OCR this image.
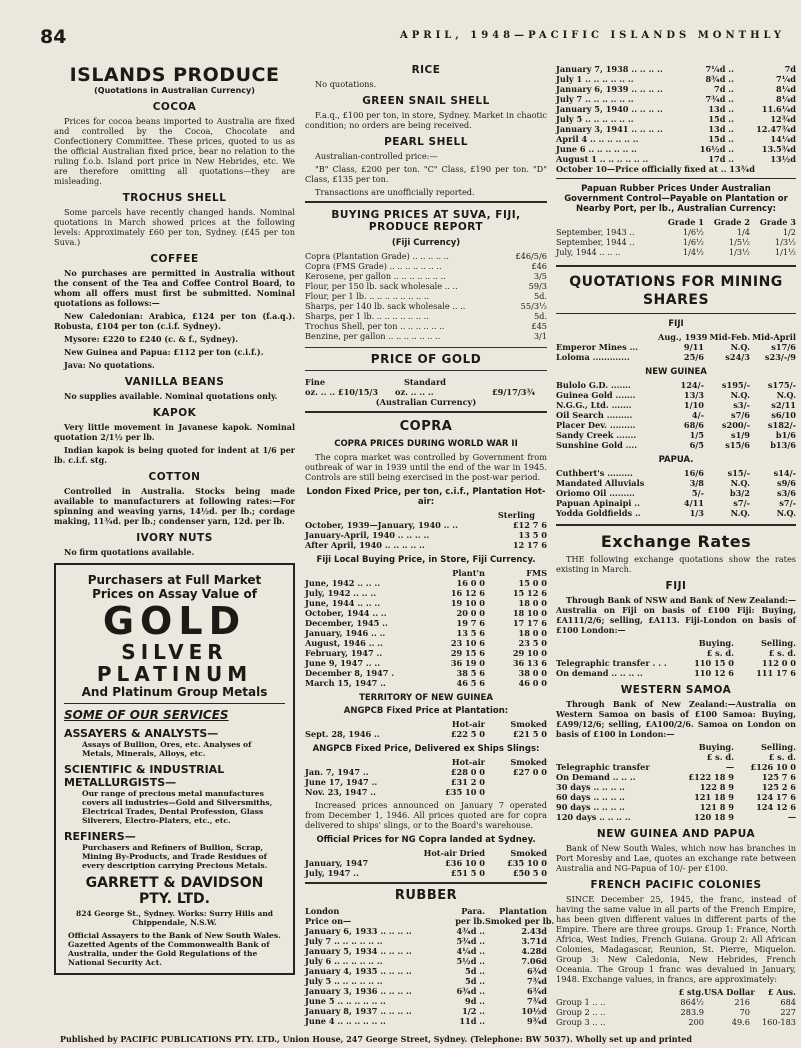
84	APRIL, 1948—PACIFIC ISLANDS MONTHLY
ISLANDS PRODUCE
(Quotations in Australian Currency)
COCOA
Prices for cocoa beans imported to Australia are fixed and controlled by the Cocoa, Chocolate and Confectionery Committee. These prices, quoted to us as the official Australian fixed price, bear no relation to the ruling f.o.b. Island port price in New Hebrides, etc. We are therefore omitting all quotations—they are misleading.
TROCHUS SHELL
Some parcels have recently changed hands. Nominal quotations in March showed prices at the following levels: Approximately £60 per ton, Sydney. (£45 per ton Suva.)
COFFEE
No purchases are permitted in Australia without the consent of the Tea and Coffee Control Board, to whom all offers must first be submitted. Nominal quotations as follows:—
New Caledonian: Arabica, £124 per ton (f.a.q.). Robusta, £104 per ton (c.i.f. Sydney).
Mysore: £220 to £240 (c. & f., Sydney).
New Guinea and Papua: £112 per ton (c.i.f.).
Java: No quotations.
VANILLA BEANS
No supplies available. Nominal quotations only.
KAPOK
Very little movement in Javanese kapok. Nominal quotation 2/1½ per lb.
Indian kapok is being quoted for indent at 1/6 per lb. c.i.f. stg.
COTTON
Controlled in Australia. Stocks being made available to manufacturers at following rates:—For spinning and weaving yarns, 14½d. per lb.; cordage making, 11¾d. per lb.; condenser yarn, 12d. per lb.
IVORY NUTS
No firm quotations available.
Purchasers at Full Market
Prices on Assay Value of
GOLD
SILVER
PLATINUM
And Platinum Group Metals
SOME OF OUR SERVICES
ASSAYERS & ANALYSTS—
Assays of Bullion, Ores, etc. Analyses of Metals, Minerals, Alloys, etc.
SCIENTIFIC & INDUSTRIAL METALLURGISTS—
Our range of precious metal manufactures covers all industries—Gold and Silversmiths, Electrical Trades, Dental Profession, Glass Silverers, Electro-Platers, etc., etc.
REFINERS—
Purchasers and Refiners of Bullion, Scrap, Mining By-Products, and Trade Residues of every description carrying Precious Metals.
GARRETT & DAVIDSON
PTY. LTD.
824 George St., Sydney. Works: Surry Hills and Chippendale, N.S.W.
Official Assayers to the Bank of New South Wales. Gazetted Agents of the Commonwealth Bank of Australia, under the Gold Regulations of the National Security Act.
RICE
No quotations.
GREEN SNAIL SHELL
F.a.q., £100 per ton, in store, Sydney. Market in chaotic condition; no orders are being received.
PEARL SHELL
Australian-controlled price:—
"B" Class, £200 per ton. "C" Class, £190 per ton. "D" Class, £135 per ton.
Transactions are unofficially reported.
BUYING PRICES AT SUVA, FIJI, PRODUCE REPORT
(Fiji Currency)
Copra (Plantation Grade) .. .. .. .. ..	£46/5/6
Copra (FMS Grade) .. .. .. .. .. .. ..	£46
Kerosene, per gallon .. .. .. .. .. .. ..	3/5
Flour, per 150 lb. sack wholesale .. ..	59/3
Flour, per 1 lb. .. .. .. .. .. .. .. ..	5d.
Sharps, per 140 lb. sack wholesale .. ..	55/3½
Sharps, per 1 lb. .. .. .. .. .. .. ..	5d.
Trochus Shell, per ton .. .. .. .. .. ..	£45
Benzine, per gallon .. .. .. .. .. .. ..	3/1
PRICE OF GOLD
Fine	Standard
oz. .. .. £10/15/3	oz. .. .. ..	£9/17/3¾
(Australian Currency)
COPRA
COPRA PRICES DURING WORLD WAR II
The copra market was controlled by Government from outbreak of war in 1939 until the end of the war in 1945. Controls are still being exercised in the post-war period.
London Fixed Price, per ton, c.i.f., Plantation Hot-air:
Sterling
October, 1939—January, 1940 .. ..	£12 7 6
January-April, 1940 .. .. .. ..	13 5 0
After April, 1940 .. .. .. .. ..	12 17 6
Fiji Local Buying Price, in Store, Fiji Currency.
Plant'n	FMS
June, 1942 .. .. ..	16 0 0	15 0 0
July, 1942 .. .. ..	16 12 6	15 12 6
June, 1944 .. .. ..	19 10 0	18 0 0
October, 1944 .. ..	20 0 0	18 10 0
December, 1945 ..	19 7 6	17 17 6
January, 1946 .. ..	13 5 6	18 0 0
August, 1946 .. ..	23 10 6	23 5 0
February, 1947 ..	29 15 6	29 10 0
June 9, 1947 .. ..	36 19 0	36 13 6
December 8, 1947 .	38 5 6	38 0 0
March 15, 1947 ..	46 5 6	46 0 0
TERRITORY OF NEW GUINEA
ANGPCB Fixed Price at Plantation:
Hot-air	Smoked
Sept. 28, 1946 ..	£22 5 0	£21 5 0
ANGPCB Fixed Price, Delivered ex Ships Slings:
Hot-air	Smoked
Jan. 7, 1947 ..	£28 0 0	£27 0 0
June 17, 1947 ..	£31 2 0
Nov. 23, 1947 ..	£35 10 0
Increased prices announced on January 7 operated from December 1, 1946. All prices quoted are for copra delivered to ships' slings, or to the Board's warehouse.
Official Prices for NG Copra landed at Sydney.
Hot-air Dried	Smoked
January, 1947	£36 10 0	£35 10 0
July, 1947 ..	£51 5 0	£50 5 0
RUBBER
London	Para.	Plantation
Price on—	per lb. Smoked per lb.
January 6, 1933 .. .. .. ..	4¾d ..	2.43d
July 7 .. .. .. .. .. ..	5¾d ..	3.71d
January 5, 1934 .. .. .. ..	4¼d ..	4.28d
July 6 .. .. .. .. .. ..	5½d ..	7.06d
January 4, 1935 .. .. .. ..	5d ..	6¾d
July 5 .. .. .. .. .. ..	5d ..	7¾d
January 3, 1936 .. .. .. ..	6¾d ..	6¾d
June 5 .. .. .. .. .. ..	9d ..	7¾d
January 8, 1937 .. .. .. ..	1/2 ..	10½d
June 4 .. .. .. .. .. ..	11d ..	9¾d
January 7, 1938 .. .. .. ..	7¼d ..	7d
July 1 .. .. .. .. .. ..	8¾d ..	7¼d
January 6, 1939 .. .. .. ..	7d ..	8¼d
July 7 .. .. .. .. .. ..	7¾d ..	8¼d
January 5, 1940 .. .. .. ..	13d ..	11.6¼d
July 5 .. .. .. .. .. ..	15d ..	12¾d
January 3, 1941 .. .. .. ..	13d ..	12.47¾d
April 4 .. .. .. .. .. ..	15d ..	14¼d
June 6 .. .. .. .. .. ..	16½d ..	13.5¾d
August 1 .. .. .. .. .. ..	17d ..	13½d
October 10—Price officially fixed at .. 13¾d
Papuan Rubber Prices Under Australian Government Control—Payable on Plantation or Nearby Port, per lb., Australian Currency:
Grade 1	Grade 2	Grade 3
September, 1943 ..	1/6½	1/4	1/2
September, 1944 ..	1/6½	1/5½	1/3½
July, 1944 .. .. ..	1/4½	1/3½	1/1½
QUOTATIONS FOR MINING SHARES
FIJI
Aug., 1939 Mid-Feb. Mid-April
Emperor Mines ...	9/11	N.Q.	s17/6
Loloma .............	25/6	s24/3	s23/-/9
NEW GUINEA
Bulolo G.D. .......	124/-	s195/-	s175/-
Guinea Gold .......	13/3	N.Q.	N.Q.
N.G.G., Ltd. .......	1/10	s3/-	s2/11
Oil Search .........	4/-	s7/6	s6/10
Placer Dev. .........	68/6	s200/-	s182/-
Sandy Creek .......	1/5	s1/9	b1/6
Sunshine Gold ....	6/5	s15/6	b13/6
PAPUA.
Cuthbert's .........	16/6	s15/-	s14/-
Mandated Alluvials	3/8	N.Q.	s9/6
Oriomo Oil .........	5/-	b3/2	s3/6
Papuan Apinaipi ..	4/11	s7/-	s7/-
Yodda Goldfields ..	1/3	N.Q.	N.Q.
Exchange Rates
THE following exchange quotations show the rates existing in March.
FIJI
Through Bank of NSW and Bank of New Zealand:—Australia on Fiji on basis of £100 Fiji: Buying, £A111/2/6; selling, £A113. Fiji-London on basis of £100 London:—
Buying.	Selling.
£ s. d.	£ s. d.
Telegraphic transfer . . .	110 15 0	112 0 0
On demand .. .. .. ..	110 12 6	111 17 6
WESTERN SAMOA
Through Bank of New Zealand:—Australia on Western Samoa on basis of £100 Samoa: Buying, £A99/12/6; selling, £A100/2/6. Samoa on London on basis of £100 in London:—
Buying.	Selling.
£ s. d.	£ s. d.
Telegraphic transfer	—	£126 10 0
On Demand .. .. ..	£122 18 9	125 7 6
30 days .. .. .. ..	122 8 9	125 2 6
60 days .. .. .. ..	121 18 9	124 17 6
90 days .. .. .. ..	121 8 9	124 12 6
120 days .. .. .. ..	120 18 9	—
NEW GUINEA AND PAPUA
Bank of New South Wales, which now has branches in Port Moresby and Lae, quotes an exchange rate between Australia and NG-Papua of 10/- per £100.
FRENCH PACIFIC COLONIES
SINCE December 25, 1945, the franc, instead of having the same value in all parts of the French Empire, has been given different values in different parts of the Empire. There are three groups. Group 1: France, North Africa, West Indies, French Guiana. Group 2: All African Colonies, Madagascar, Reunion, St. Pierre, Miquelon. Group 3: New Caledonia, New Hebrides, French Oceania. The Group 1 franc was devalued in January, 1948. Exchange values, in francs, are approximately:
£ stg. USA Dollar	£ Aus.
Group 1 .. ..	864½	216	684
Group 2 .. ..	283.9	70	227
Group 3 .. ..	200	49.6	160-183
Published by PACIFIC PUBLICATIONS PTY. LTD., Union House, 247 George Street, Sydney. (Telephone: BW 5037). Wholly set up and printed
